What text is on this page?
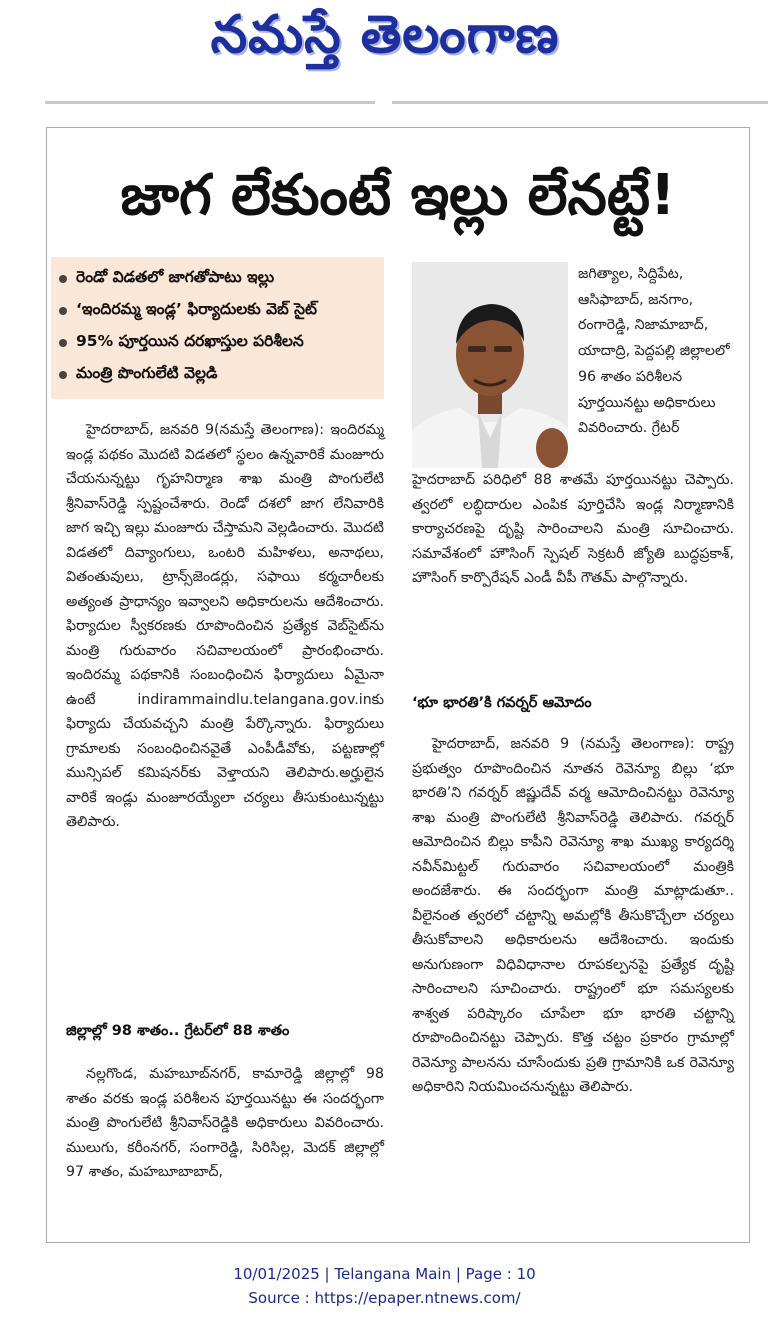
నమస్తే తెలంగాణ
జాగ లేకుంటే ఇల్లు లేనట్టే!
రెండో విడతలో జాగతోపాటు ఇల్లు
‘ఇందిరమ్మ ఇండ్ల’ ఫిర్యాదులకు వెబ్ సైట్
95% పూర్తయిన దరఖాస్తుల పరిశీలన
మంత్రి పొంగులేటి వెల్లడి
జగిత్యాల, సిద్దిపేట, ఆసిఫాబాద్, జనగాం, రంగారెడ్డి, నిజామాబాద్, యాదాద్రి, పెద్దపల్లి జిల్లాలలో 96 శాతం పరిశీలన పూర్తయినట్టు అధికారులు వివరించారు. గ్రేటర్
హైదరాబాద్ పరిధిలో 88 శాతమే పూర్తయినట్టు చెప్పారు. త్వరలో లబ్ధిదారుల ఎంపిక పూర్తిచేసి ఇండ్ల నిర్మాణానికి కార్యాచరణపై దృష్టి సారించాలని మంత్రి సూచించారు. సమావేశంలో హౌసింగ్ స్పెషల్ సెక్రటరీ జ్యోతి బుద్ధప్రకాశ్, హౌసింగ్ కార్పొరేషన్ ఎండీ వీపీ గౌతమ్ పాల్గొన్నారు.

హైదరాబాద్, జనవరి 9(నమస్తే తెలంగాణ): ఇందిరమ్మ ఇండ్ల పథకం మొదటి విడతలో స్థలం ఉన్నవారికే మంజూరు చేయనున్నట్టు గృహనిర్మాణ శాఖ మంత్రి పొంగులేటి శ్రీనివాస్‌రెడ్డి స్పష్టంచేశారు. రెండో దశలో జాగ లేనివారికి జాగ ఇచ్చి ఇల్లు మంజూరు చేస్తామని వెల్లడించారు. మొదటి విడతలో దివ్యాంగులు, ఒంటరి మహిళలు, అనాథలు, వితంతువులు, ట్రాన్స్‌జెండర్లు, సఫాయి కర్మచారీలకు అత్యంత ప్రాధాన్యం ఇవ్వాలని అధికారులను ఆదేశించారు. ఫిర్యాదుల స్వీకరణకు రూపొందించిన ప్రత్యేక వెబ్‌సైట్‌ను మంత్రి గురువారం సచివాలయంలో ప్రారంభించారు. ఇందిరమ్మ పథకానికి సంబంధించిన ఫిర్యాదులు ఏమైనా ఉంటే indirammaindlu.telangana.gov.inకు ఫిర్యాదు చేయవచ్చని మంత్రి పేర్కొన్నారు. ఫిర్యాదులు గ్రామాలకు సంబంధించినవైతే ఎంపీడీవోకు, పట్టణాల్లో మున్సిపల్ కమిషనర్‌కు వెళ్తాయని తెలిపారు.అర్హులైన వారికే ఇండ్లు మంజూరయ్యేలా చర్యలు తీసుకుంటున్నట్టు తెలిపారు.

జిల్లాల్లో 98 శాతం.. గ్రేటర్‌లో 88 శాతం

నల్లగొండ, మహబూబ్‌నగర్, కామారెడ్డి జిల్లాల్లో 98 శాతం వరకు ఇండ్ల పరిశీలన పూర్తయినట్టు ఈ సందర్భంగా మంత్రి పొంగులేటి శ్రీనివాస్‌రెడ్డికి అధికారులు వివరించారు. ములుగు, కరీంనగర్, సంగారెడ్డి, సిరిసిల్ల, మెదక్ జిల్లాల్లో 97 శాతం, మహబూబాబాద్,

‘భూ భారతి’కి గవర్నర్ ఆమోదం

హైదరాబాద్, జనవరి 9 (నమస్తే తెలంగాణ): రాష్ట్ర ప్రభుత్వం రూపొందించిన నూతన రెవెన్యూ బిల్లు ‘భూ భారతి’ని గవర్నర్ జిష్ణుదేవ్ వర్మ ఆమోదించినట్టు రెవెన్యూ శాఖ మంత్రి పొంగులేటి శ్రీనివాస్‌రెడ్డి తెలిపారు. గవర్నర్ ఆమోదించిన బిల్లు కాపీని రెవెన్యూ శాఖ ముఖ్య కార్యదర్శి నవీన్‌మిట్టల్ గురువారం సచివాలయంలో మంత్రికి అందజేశారు. ఈ సందర్భంగా మంత్రి మాట్లాడుతూ.. వీలైనంత త్వరలో చట్టాన్ని అమల్లోకి తీసుకొచ్చేలా చర్యలు తీసుకోవాలని అధికారులను ఆదేశించారు. ఇందుకు అనుగుణంగా విధివిధానాల రూపకల్పనపై ప్రత్యేక దృష్టి సారించాలని సూచించారు. రాష్ట్రంలో భూ సమస్యలకు శాశ్వత పరిష్కారం చూపేలా భూ భారతి చట్టాన్ని రూపొందించినట్టు చెప్పారు. కొత్త చట్టం ప్రకారం గ్రామాల్లో రెవెన్యూ పాలనను చూసేందుకు ప్రతి గ్రామానికి ఒక రెవెన్యూ అధికారిని నియమించనున్నట్టు తెలిపారు.

10/01/2025 | Telangana Main | Page : 10
Source : https://epaper.ntnews.com/
